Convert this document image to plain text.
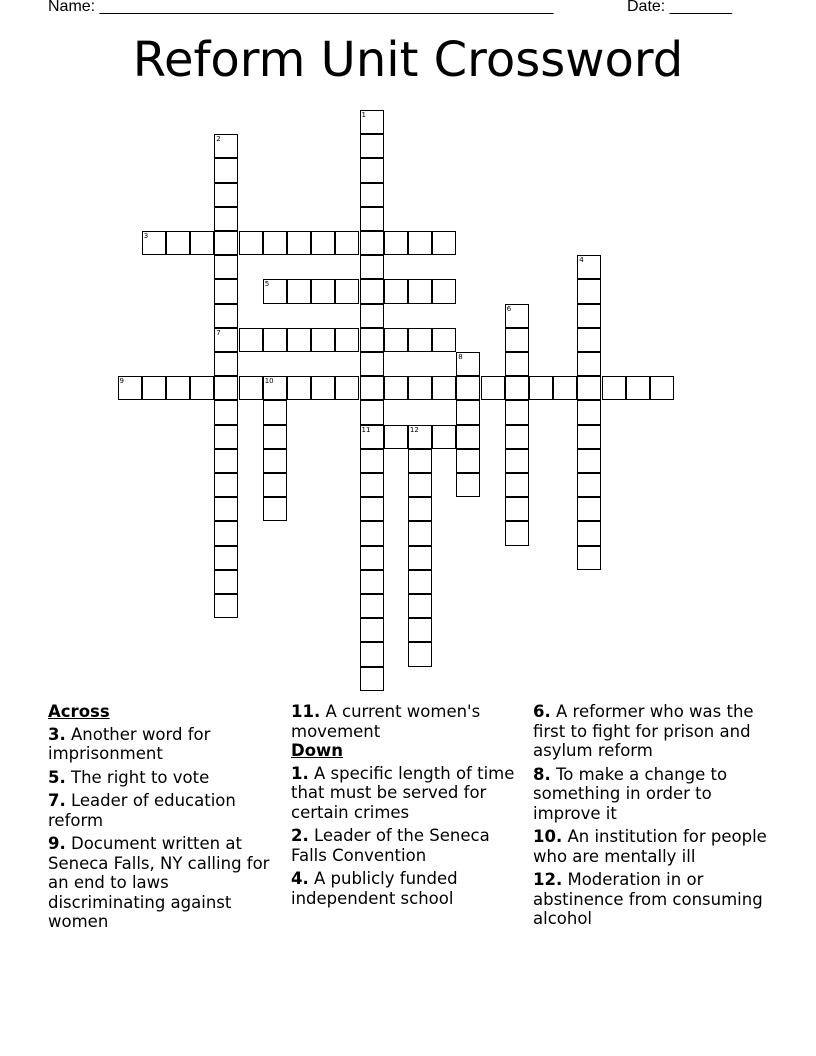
Name: ___________________________________________________	Date: _______
Reform Unit Crossword
1
11
2
7
3
4
5
6
8
9	10
12
Across
3. Another word for imprisonment
5. The right to vote
7. Leader of education reform
9. Document written at Seneca Falls, NY calling for an end to laws discriminating against women
11. A current women's movement
Down
1. A specific length of time that must be served for certain crimes
2. Leader of the Seneca Falls Convention
4. A publicly funded independent school
6. A reformer who was the first to fight for prison and asylum reform
8. To make a change to something in order to improve it
10. An institution for people who are mentally ill
12. Moderation in or abstinence from consuming alcohol
